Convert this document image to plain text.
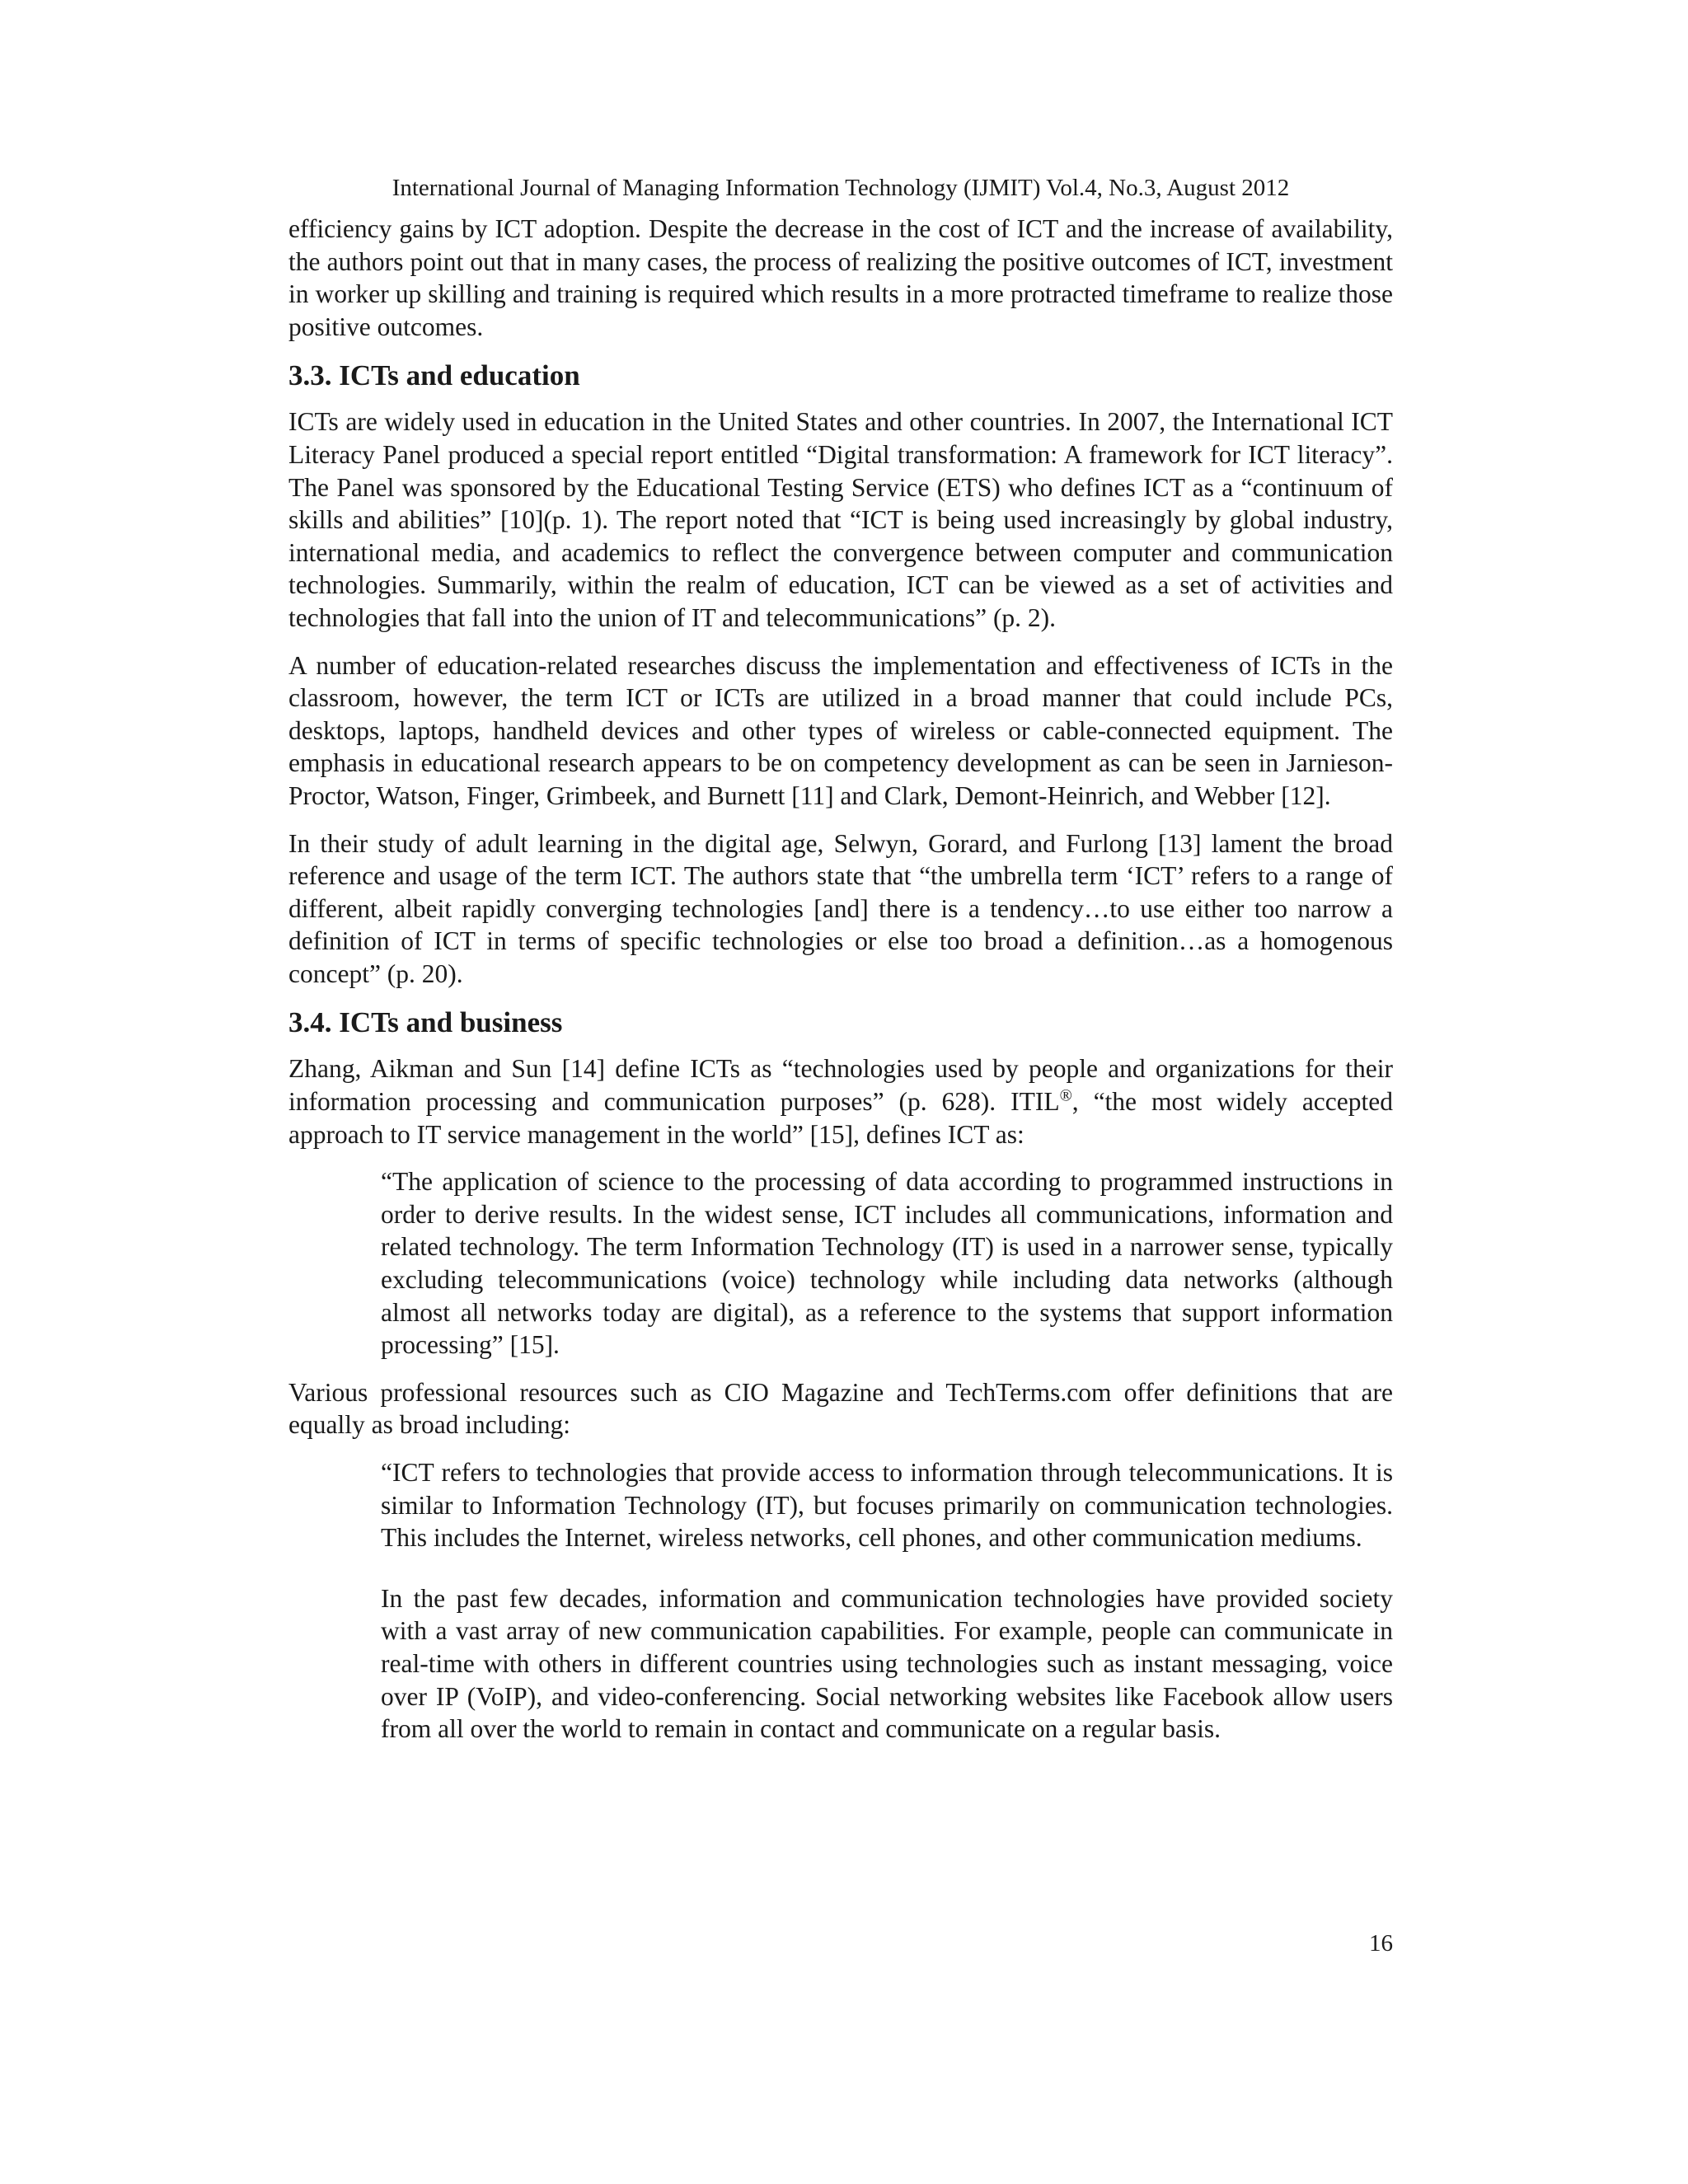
International Journal of Managing Information Technology (IJMIT) Vol.4, No.3, August 2012

efficiency gains by ICT adoption. Despite the decrease in the cost of ICT and the increase of availability, the authors point out that in many cases, the process of realizing the positive outcomes of ICT, investment in worker up skilling and training is required which results in a more protracted timeframe to realize those positive outcomes.

3.3. ICTs and education

ICTs are widely used in education in the United States and other countries. In 2007, the International ICT Literacy Panel produced a special report entitled “Digital transformation: A framework for ICT literacy”. The Panel was sponsored by the Educational Testing Service (ETS) who defines ICT as a “continuum of skills and abilities” [10](p. 1). The report noted that “ICT is being used increasingly by global industry, international media, and academics to reflect the convergence between computer and communication technologies. Summarily, within the realm of education, ICT can be viewed as a set of activities and technologies that fall into the union of IT and telecommunications” (p. 2).

A number of education-related researches discuss the implementation and effectiveness of ICTs in the classroom, however, the term ICT or ICTs are utilized in a broad manner that could include PCs, desktops, laptops, handheld devices and other types of wireless or cable-connected equipment. The emphasis in educational research appears to be on competency development as can be seen in Jarnieson-Proctor, Watson, Finger, Grimbeek, and Burnett [11] and Clark, Demont-Heinrich, and Webber [12].

In their study of adult learning in the digital age, Selwyn, Gorard, and Furlong [13] lament the broad reference and usage of the term ICT. The authors state that “the umbrella term ‘ICT’ refers to a range of different, albeit rapidly converging technologies [and] there is a tendency…to use either too narrow a definition of ICT in terms of specific technologies or else too broad a definition…as a homogenous concept” (p. 20).

3.4. ICTs and business

Zhang, Aikman and Sun [14] define ICTs as “technologies used by people and organizations for their information processing and communication purposes” (p. 628). ITIL®, “the most widely accepted approach to IT service management in the world” [15], defines ICT as:

“The application of science to the processing of data according to programmed instructions in order to derive results. In the widest sense, ICT includes all communications, information and related technology. The term Information Technology (IT) is used in a narrower sense, typically excluding telecommunications (voice) technology while including data networks (although almost all networks today are digital), as a reference to the systems that support information processing” [15].

Various professional resources such as CIO Magazine and TechTerms.com offer definitions that are equally as broad including:

“ICT refers to technologies that provide access to information through telecommunications. It is similar to Information Technology (IT), but focuses primarily on communication technologies. This includes the Internet, wireless networks, cell phones, and other communication mediums.

In the past few decades, information and communication technologies have provided society with a vast array of new communication capabilities. For example, people can communicate in real-time with others in different countries using technologies such as instant messaging, voice over IP (VoIP), and video-conferencing. Social networking websites like Facebook allow users from all over the world to remain in contact and communicate on a regular basis.

16
